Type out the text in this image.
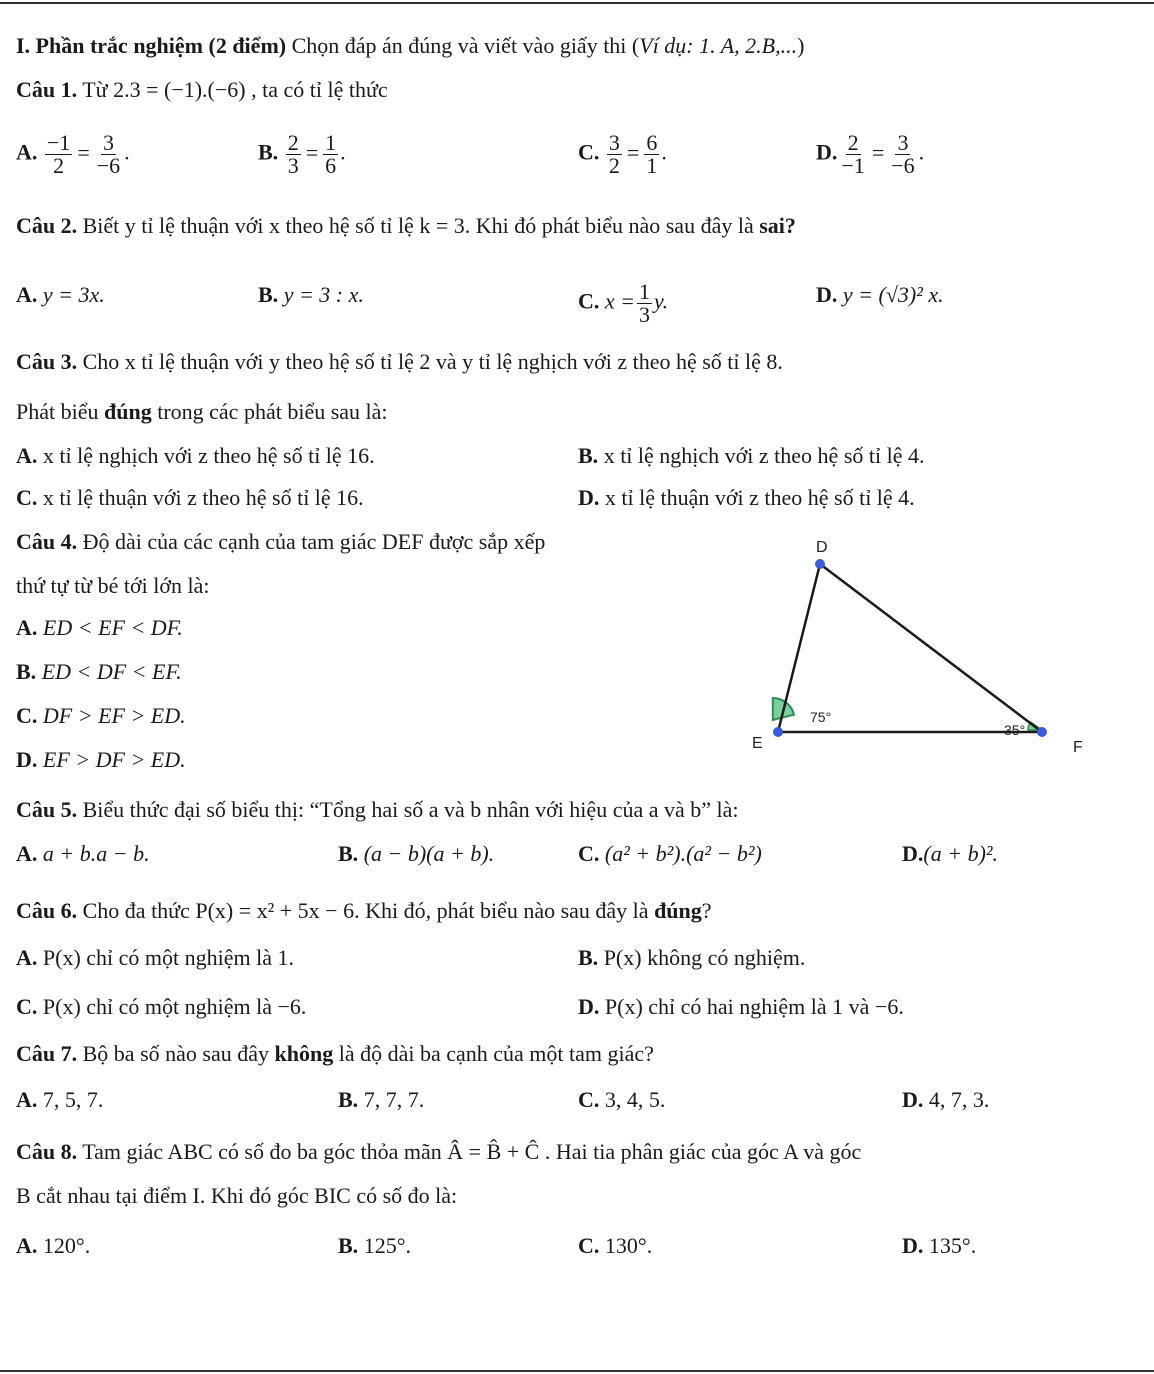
I. Phần trắc nghiệm (2 điểm) Chọn đáp án đúng và viết vào giấy thi (Ví dụ: 1. A, 2.B,...)
Câu 1. Từ 2.3 = (−1).(−6) , ta có tỉ lệ thức
A. $\frac{-1}{2} = \frac{3}{-6}$ .	B. $\frac{2}{3} = \frac{1}{6}$ .	C. $\frac{3}{2} = \frac{6}{1}$ .	D. $\frac{2}{-1} = \frac{3}{-6}$ .
Câu 2. Biết y tỉ lệ thuận với x theo hệ số tỉ lệ k = 3. Khi đó phát biểu nào sau đây là sai?
A. y = 3x.	B. y = 3 : x.	C. $x = \frac{1}{3} y$.	D. y = (√3)² x.
Câu 3. Cho x tỉ lệ thuận với y theo hệ số tỉ lệ 2 và y tỉ lệ nghịch với z theo hệ số tỉ lệ 8.
Phát biểu đúng trong các phát biểu sau là:
A. x tỉ lệ nghịch với z theo hệ số tỉ lệ 16.	B. x tỉ lệ nghịch với z theo hệ số tỉ lệ 4.
C. x tỉ lệ thuận với z theo hệ số tỉ lệ 16.	D. x tỉ lệ thuận với z theo hệ số tỉ lệ 4.
Câu 4. Độ dài của các cạnh của tam giác DEF được sắp xếp
thứ tự từ bé tới lớn là:
A. ED < EF < DF.
B. ED < DF < EF.
C. DF > EF > ED.
D. EF > DF > ED.
D
E	F
75°
35°
Câu 5. Biểu thức đại số biểu thị: “Tổng hai số a và b nhân với hiệu của a và b” là:
A. a + b.a − b.	B. (a − b)(a + b).	C. (a² + b²).(a² − b²)	D.(a + b)².
Câu 6. Cho đa thức P(x) = x² + 5x − 6. Khi đó, phát biểu nào sau đây là đúng?
A. P(x) chỉ có một nghiệm là 1.	B. P(x) không có nghiệm.
C. P(x) chỉ có một nghiệm là −6.	D. P(x) chỉ có hai nghiệm là 1 và −6.
Câu 7. Bộ ba số nào sau đây không là độ dài ba cạnh của một tam giác?
A. 7, 5, 7.	B. 7, 7, 7.	C. 3, 4, 5.	D. 4, 7, 3.
Câu 8. Tam giác ABC có số đo ba góc thỏa mãn Â = B̂ + Ĉ . Hai tia phân giác của góc A và góc
B cắt nhau tại điểm I. Khi đó góc BIC có số đo là:
A. 120°.	B. 125°.	C. 130°.	D. 135°.
